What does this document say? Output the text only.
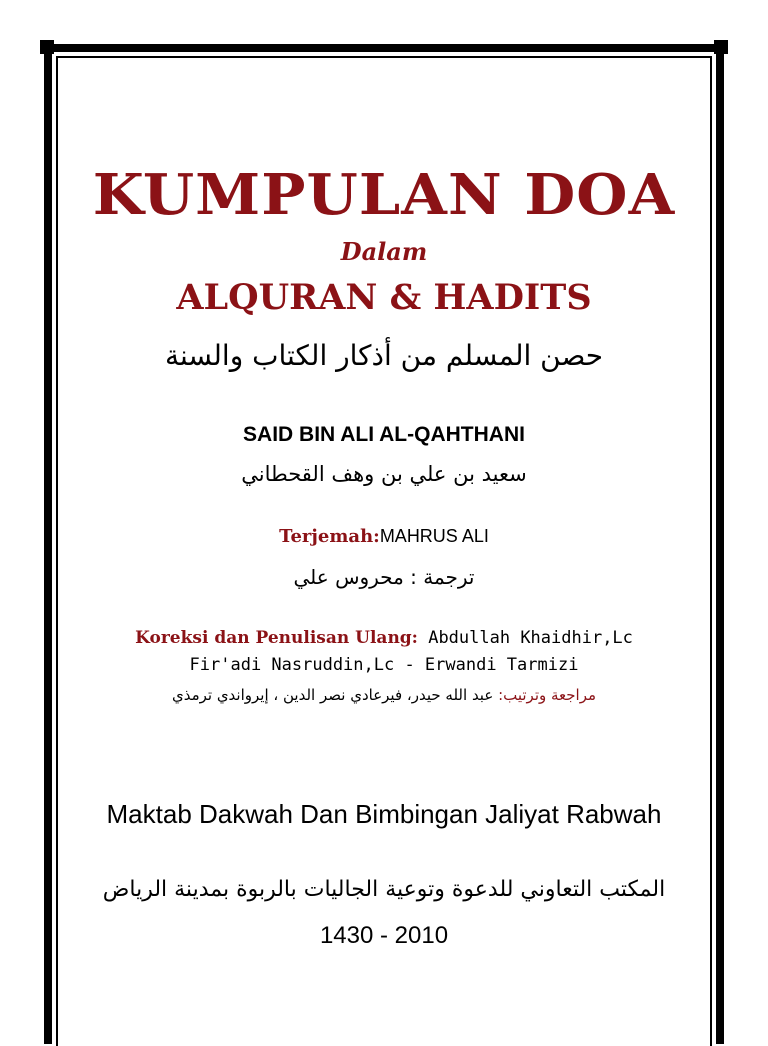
KUMPULAN DOA
Dalam
ALQURAN & HADITS
حصن المسلم من أذكار الكتاب والسنة
SAID BIN ALI AL-QAHTHANI
سعيد بن علي بن وهف القحطاني
Terjemah:MAHRUS ALI
ترجمة : محروس علي
Koreksi dan Penulisan Ulang: Abdullah Khaidhir,Lc
Fir'adi Nasruddin,Lc - Erwandi Tarmizi
مراجعة وترتيب: عبد الله حيدر، فيرعادي نصر الدين ، إيرواندي ترمذي
Maktab Dakwah Dan Bimbingan Jaliyat Rabwah
المكتب التعاوني للدعوة وتوعية الجاليات بالربوة بمدينة الرياض
1430 - 2010
